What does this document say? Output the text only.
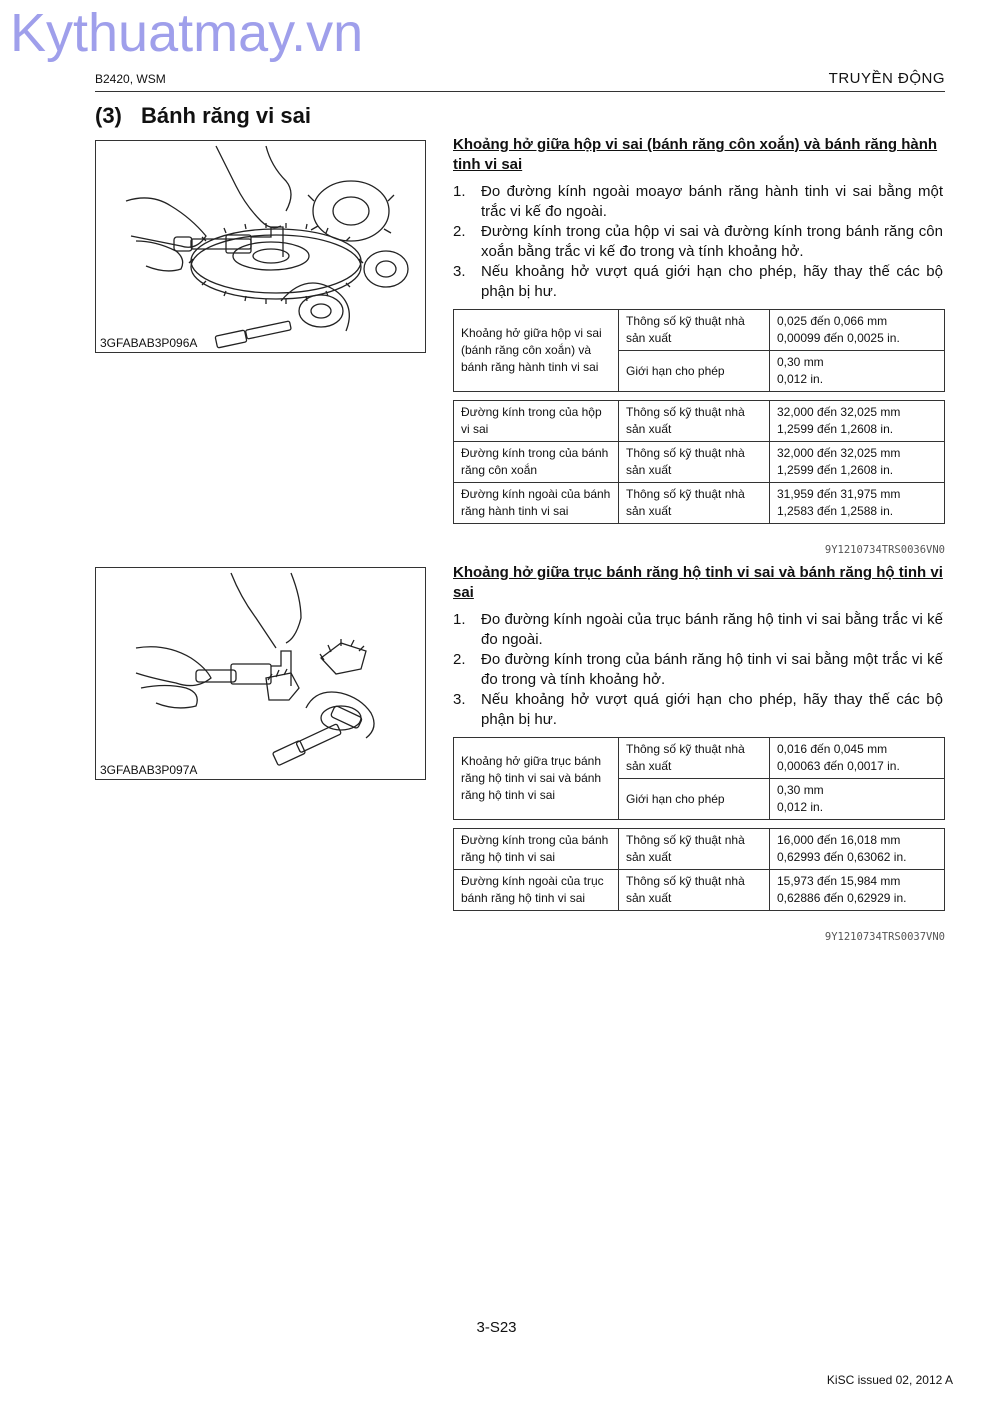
Kythuatmay.vn
B2420, WSM	TRUYỀN ĐỘNG
(3) Bánh răng vi sai
3GFABAB3P096A
Khoảng hở giữa hộp vi sai (bánh răng côn xoắn) và bánh răng hành tinh vi sai
1. Đo đường kính ngoài moayơ bánh răng hành tinh vi sai bằng một trắc vi kế đo ngoài.
2. Đường kính trong của hộp vi sai và đường kính trong bánh răng côn xoắn bằng trắc vi kế đo trong và tính khoảng hở.
3. Nếu khoảng hở vượt quá giới hạn cho phép, hãy thay thế các bộ phận bị hư.
Khoảng hở giữa hộp vi sai (bánh răng côn xoắn) và bánh răng hành tinh vi sai	Thông số kỹ thuật nhà sản xuất	0,025 đến 0,066 mm
0,00099 đến 0,0025 in.

	Giới hạn cho phép	0,30 mm
0,012 in.
Đường kính trong của hộp vi sai	Thông số kỹ thuật nhà sản xuất	32,000 đến 32,025 mm
1,2599 đến 1,2608 in.

Đường kính trong của bánh răng côn xoắn	Thông số kỹ thuật nhà sản xuất	32,000 đến 32,025 mm
1,2599 đến 1,2608 in.

Đường kính ngoài của bánh răng hành tinh vi sai	Thông số kỹ thuật nhà sản xuất	31,959 đến 31,975 mm
1,2583 đến 1,2588 in.
9Y1210734TRS0036VN0
3GFABAB3P097A
Khoảng hở giữa trục bánh răng hộ tinh vi sai và bánh răng hộ tinh vi sai
1. Đo đường kính ngoài của trục bánh răng hộ tinh vi sai bằng trắc vi kế đo ngoài.
2. Đo đường kính trong của bánh răng hộ tinh vi sai bằng một trắc vi kế đo trong và tính khoảng hở.
3. Nếu khoảng hở vượt quá giới hạn cho phép, hãy thay thế các bộ phận bị hư.
Khoảng hở giữa trục bánh răng hộ tinh vi sai và bánh răng hộ tinh vi sai	Thông số kỹ thuật nhà sản xuất	0,016 đến 0,045 mm
0,00063 đến 0,0017 in.

	Giới hạn cho phép	0,30 mm
0,012 in.
Đường kính trong của bánh răng hộ tinh vi sai	Thông số kỹ thuật nhà sản xuất	16,000 đến 16,018 mm
0,62993 đến 0,63062 in.

Đường kính ngoài của trục bánh răng hộ tinh vi sai	Thông số kỹ thuật nhà sản xuất	15,973 đến 15,984 mm
0,62886 đến 0,62929 in.
9Y1210734TRS0037VN0
3-S23
KiSC issued 02, 2012 A
